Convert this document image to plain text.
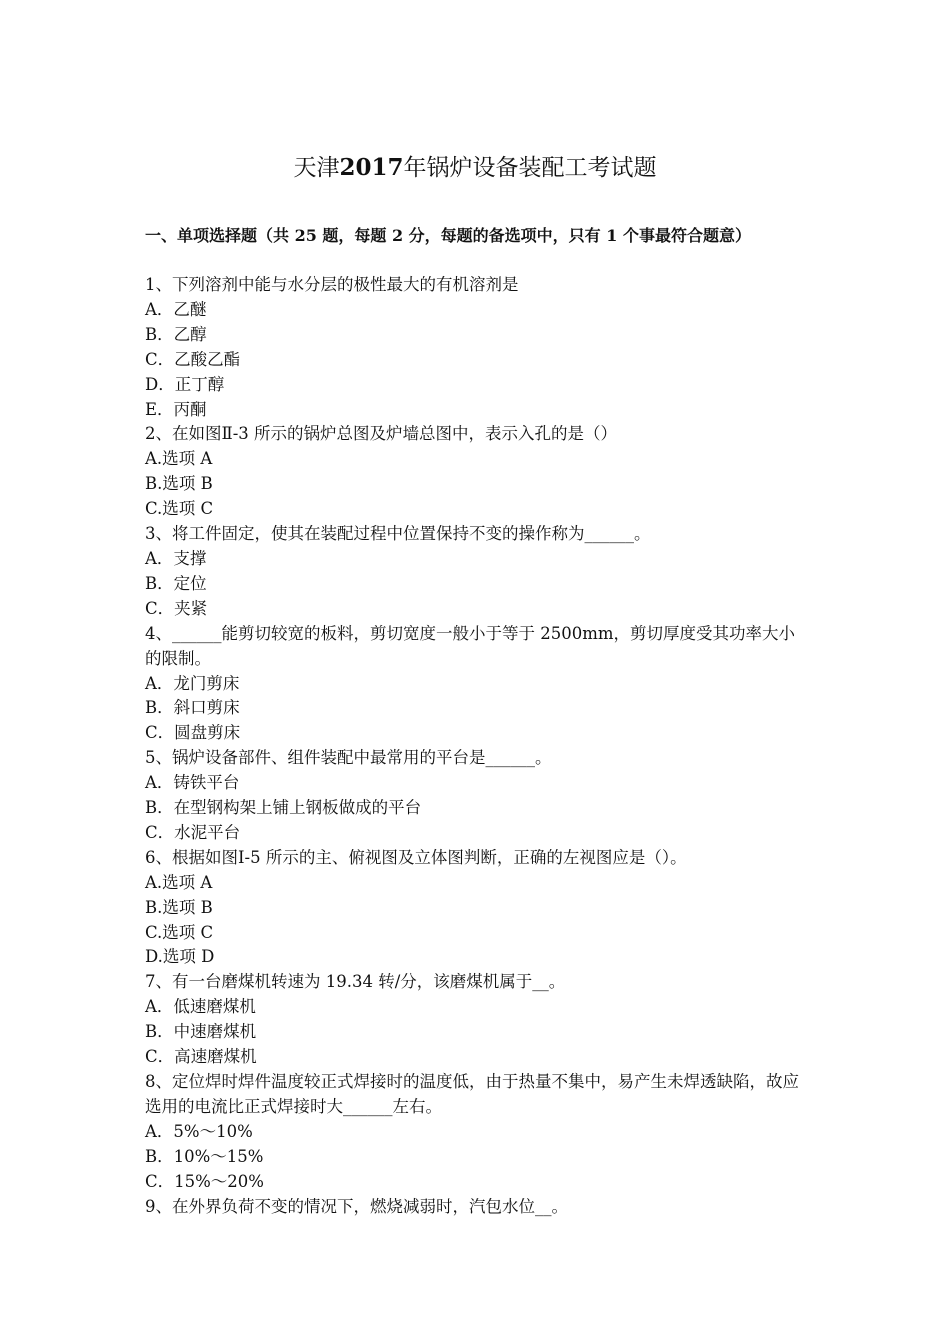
天津2017年锅炉设备装配工考试题
一、单项选择题（共 25 题，每题 2 分，每题的备选项中，只有 1 个事最符合题意）
1、下列溶剂中能与水分层的极性最大的有机溶剂是
A．乙醚
B．乙醇
C．乙酸乙酯
D．正丁醇
E．丙酮
2、在如图Ⅱ-3 所示的锅炉总图及炉墙总图中，表示入孔的是（）
A.选项 A
B.选项 B
C.选项 C
3、将工件固定，使其在装配过程中位置保持不变的操作称为______。
A．支撑
B．定位
C．夹紧
4、______能剪切较宽的板料，剪切宽度一般小于等于 2500mm，剪切厚度受其功率大小的限制。
A．龙门剪床
B．斜口剪床
C．圆盘剪床
5、锅炉设备部件、组件装配中最常用的平台是______。
A．铸铁平台
B．在型钢构架上铺上钢板做成的平台
C．水泥平台
6、根据如图Ⅰ-5 所示的主、俯视图及立体图判断，正确的左视图应是（）。
A.选项 A
B.选项 B
C.选项 C
D.选项 D
7、有一台磨煤机转速为 19.34 转/分，该磨煤机属于__。
A．低速磨煤机
B．中速磨煤机
C．高速磨煤机
8、定位焊时焊件温度较正式焊接时的温度低，由于热量不集中，易产生未焊透缺陷，故应选用的电流比正式焊接时大______左右。
A．5%～10%
B．10%～15%
C．15%～20%
9、在外界负荷不变的情况下，燃烧减弱时，汽包水位__。
